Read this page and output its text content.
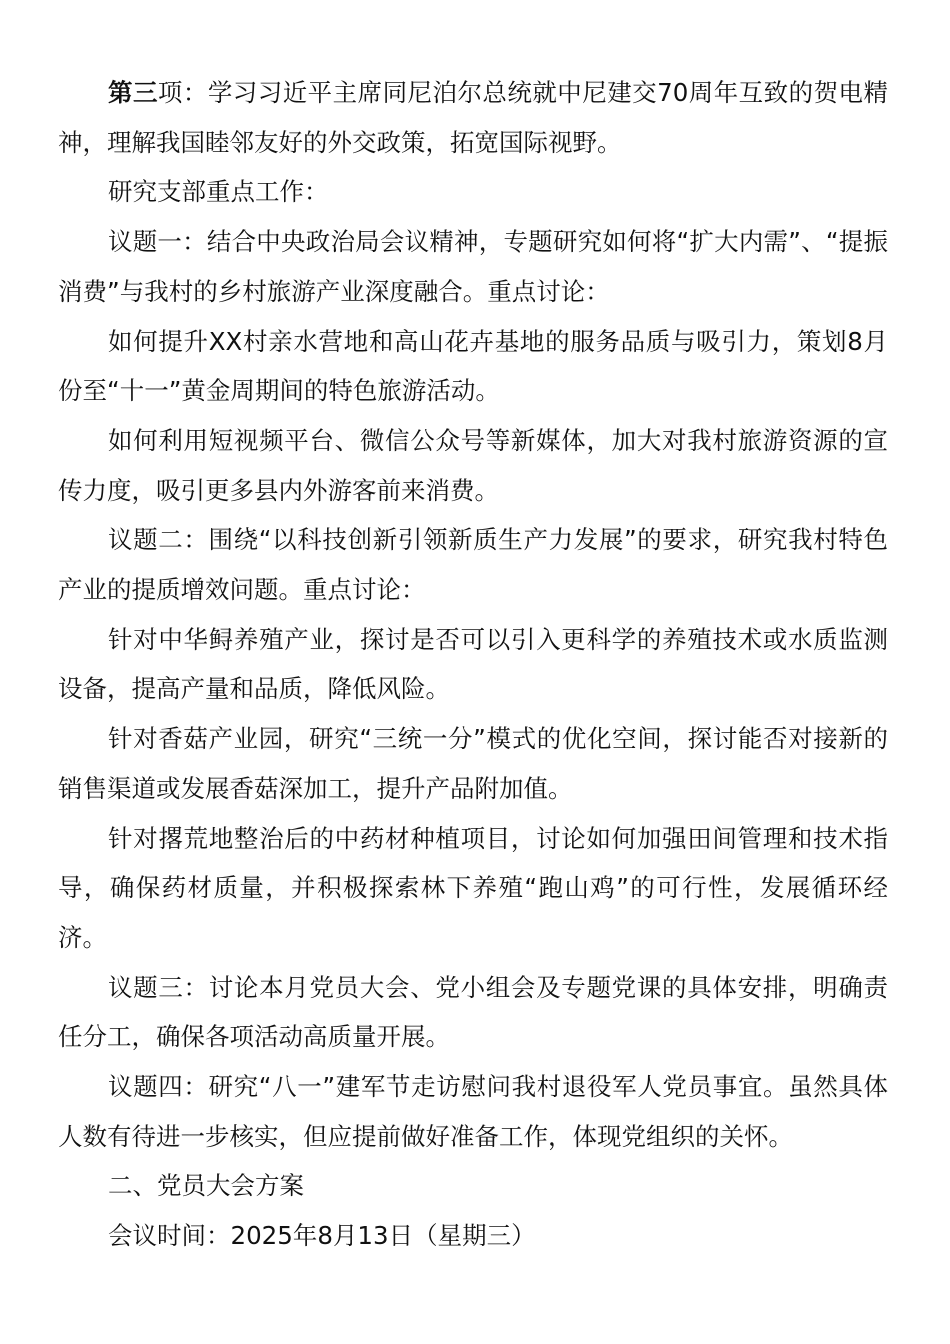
第三项：学习习近平主席同尼泊尔总统就中尼建交70周年互致的贺电精神，理解我国睦邻友好的外交政策，拓宽国际视野。

研究支部重点工作：

议题一：结合中央政治局会议精神，专题研究如何将“扩大内需”、“提振消费”与我村的乡村旅游产业深度融合。重点讨论：

如何提升XX村亲水营地和高山花卉基地的服务品质与吸引力，策划8月份至“十一”黄金周期间的特色旅游活动。

如何利用短视频平台、微信公众号等新媒体，加大对我村旅游资源的宣传力度，吸引更多县内外游客前来消费。

议题二：围绕“以科技创新引领新质生产力发展”的要求，研究我村特色产业的提质增效问题。重点讨论：

针对中华鲟养殖产业，探讨是否可以引入更科学的养殖技术或水质监测设备，提高产量和品质，降低风险。

针对香菇产业园，研究“三统一分”模式的优化空间，探讨能否对接新的销售渠道或发展香菇深加工，提升产品附加值。

针对撂荒地整治后的中药材种植项目，讨论如何加强田间管理和技术指导，确保药材质量，并积极探索林下养殖“跑山鸡”的可行性，发展循环经济。

议题三：讨论本月党员大会、党小组会及专题党课的具体安排，明确责任分工，确保各项活动高质量开展。

议题四：研究“八一”建军节走访慰问我村退役军人党员事宜。虽然具体人数有待进一步核实，但应提前做好准备工作，体现党组织的关怀。

二、党员大会方案

会议时间：2025年8月13日（星期三）
